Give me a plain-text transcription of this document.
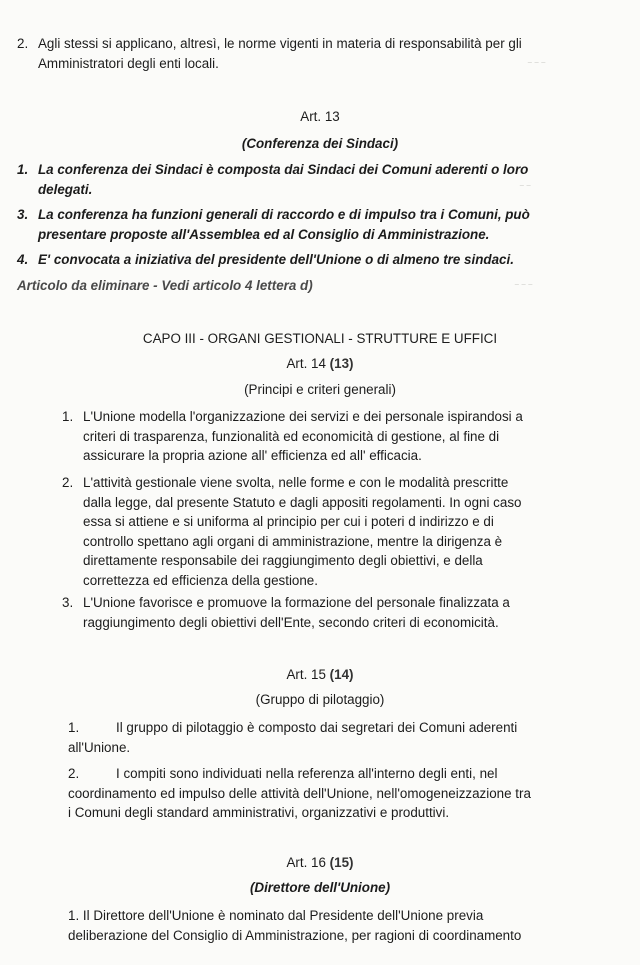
‾ ‾ ‾
‾ ‾
‾ ‾ ‾
2. Agli stessi si applicano, altresì, le norme vigenti in materia di responsabilità per gli
Amministratori degli enti locali.
Art. 13
(Conferenza dei Sindaci)
1. La conferenza dei Sindaci è composta dai Sindaci dei Comuni aderenti o loro
delegati.
3. La conferenza ha funzioni generali di raccordo e di impulso tra i Comuni, può
presentare proposte all'Assemblea ed al Consiglio di Amministrazione.
4. E' convocata a iniziativa del presidente dell'Unione o di almeno tre sindaci.
Articolo da eliminare - Vedi articolo 4 lettera d)
CAPO III - ORGANI GESTIONALI - STRUTTURE E UFFICI
Art. 14 (13)
(Principi e criteri generali)
1. L'Unione modella l'organizzazione dei servizi e dei personale ispirandosi a
criteri di trasparenza, funzionalità ed economicità di gestione, al fine di
assicurare la propria azione all' efficienza ed all' efficacia.
2. L'attività gestionale viene svolta, nelle forme e con le modalità prescritte
dalla legge, dal presente Statuto e dagli appositi regolamenti. In ogni caso
essa si attiene e si uniforma al principio per cui i poteri d indirizzo e di
controllo spettano agli organi di amministrazione, mentre la dirigenza è
direttamente responsabile dei raggiungimento degli obiettivi, e della
correttezza ed efficienza della gestione.
3. L'Unione favorisce e promuove la formazione del personale finalizzata a
raggiungimento degli obiettivi dell'Ente, secondo criteri di economicità.
Art. 15 (14)
(Gruppo di pilotaggio)
1.	Il gruppo di pilotaggio è composto dai segretari dei Comuni aderenti
all'Unione.
2.	I compiti sono individuati nella referenza all'interno degli enti, nel
coordinamento ed impulso delle attività dell'Unione, nell'omogeneizzazione tra
i Comuni degli standard amministrativi, organizzativi e produttivi.
Art. 16 (15)
(Direttore dell'Unione)
1. Il Direttore dell'Unione è nominato dal Presidente dell'Unione previa
deliberazione del Consiglio di Amministrazione, per ragioni di coordinamento
